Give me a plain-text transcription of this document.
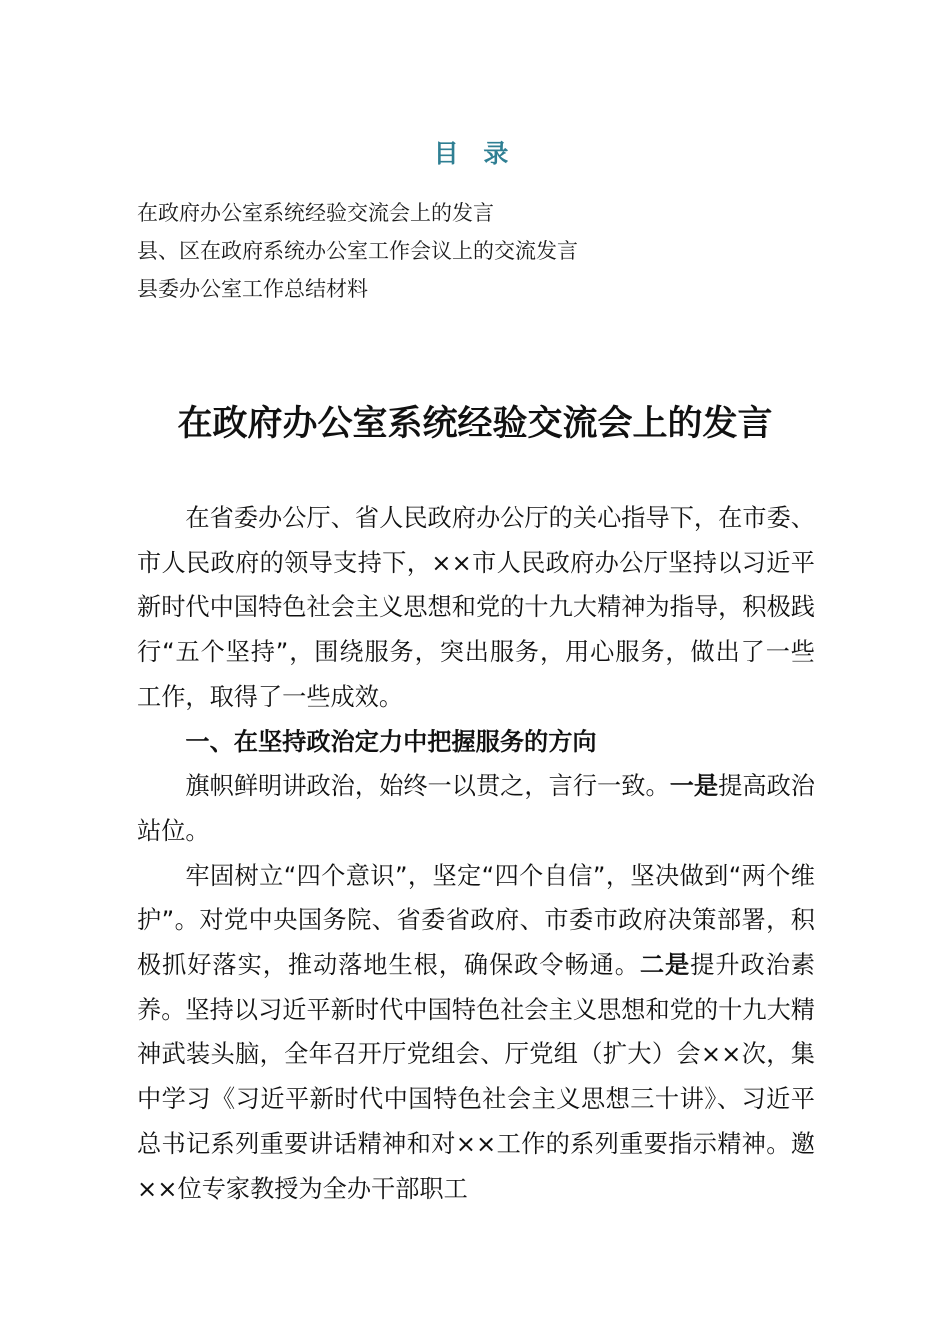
目 录
在政府办公室系统经验交流会上的发言
县、区在政府系统办公室工作会议上的交流发言
县委办公室工作总结材料
在政府办公室系统经验交流会上的发言

在省委办公厅、省人民政府办公厅的关心指导下，在市委、市人民政府的领导支持下，××市人民政府办公厅坚持以习近平新时代中国特色社会主义思想和党的十九大精神为指导，积极践行“五个坚持”，围绕服务，突出服务，用心服务，做出了一些工作，取得了一些成效。

一、在坚持政治定力中把握服务的方向

旗帜鲜明讲政治，始终一以贯之，言行一致。一是提高政治站位。

牢固树立“四个意识”，坚定“四个自信”，坚决做到“两个维护”。对党中央国务院、省委省政府、市委市政府决策部署，积极抓好落实，推动落地生根，确保政令畅通。二是提升政治素养。坚持以习近平新时代中国特色社会主义思想和党的十九大精神武装头脑，全年召开厅党组会、厅党组（扩大）会××次，集中学习《习近平新时代中国特色社会主义思想三十讲》、习近平总书记系列重要讲话精神和对××工作的系列重要指示精神。邀××位专家教授为全办干部职工
